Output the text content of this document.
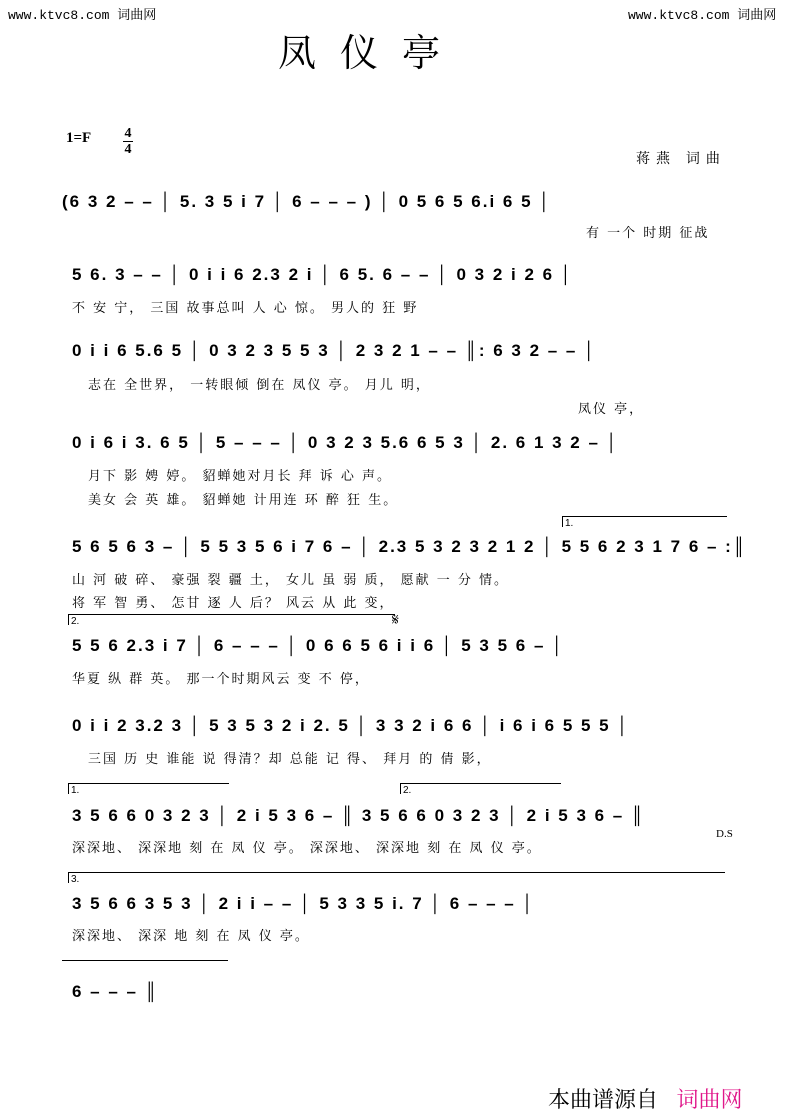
www.ktvc8.com 词曲网	www.ktvc8.com 词曲网
凤仪亭
1=F 4
4
蒋燕 词曲
(6 3 2 – – │ 5. 3 5 i 7 │ 6 – – – ) │ 0 5 6 5 6.i 6 5 │
有 一个 时期 征战
5 6. 3 – – │ 0 i i 6 2.3 2 i │ 6 5. 6 – – │ 0 3 2 i 2 6 │
不 安 宁， 三国 故事总叫 人 心 惊。 男人的 狂 野
0 i i 6 5.6 5 │ 0 3 2 3 5 5 3 │ 2 3 2 1 – – ║: 6 3 2 – – │
志在 全世界， 一转眼倾 倒在 凤仪 亭。 月儿 明，
凤仪 亭，
0 i 6 i 3. 6 5 │ 5 – – – │ 0 3 2 3 5.6 6 5 3 │ 2. 6 1 3 2 – │
月下 影 娉 婷。 貂蝉她对月长 拜 诉 心 声。
美女 会 英 雄。 貂蝉她 计用连 环 醉 狂 生。
1.
5 6 5 6 3 – │ 5 5 3 5 6 i 7 6 – │ 2.3 5 3 2 3 2 1 2 │ 5 5 6 2 3 1 7 6 – :║
山 河 破 碎、 豪强 裂 疆 土， 女儿 虽 弱 质， 愿献 一 分 情。
将 军 智 勇、 怎甘 逐 人 后？ 风云 从 此 变，
2.	𝄋
5 5 6 2.3 i 7 │ 6 – – – │ 0 6 6 5 6 i i 6 │ 5 3 5 6 – │
华夏 纵 群 英。 那一个时期风云 变 不 停，
0 i i 2 3.2 3 │ 5 3 5 3 2 i 2. 5 │ 3 3 2 i 6 6 │ i 6 i 6 5 5 5 │
三国 历 史 谁能 说 得清？却 总能 记 得、 拜月 的 倩 影，
1.	2.
3 5 6 6 0 3 2 3 │ 2 i 5 3 6 – ║ 3 5 6 6 0 3 2 3 │ 2 i 5 3 6 – ║
深深地、 深深地 刻 在 凤 仪 亭。 深深地、 深深地 刻 在 凤 仪 亭。
D.S
3.
3 5 6 6 3 5 3 │ 2 i i – – │ 5 3 3 5 i. 7 │ 6 – – – │
深深地、 深深 地 刻 在 凤 仪 亭。
6 – – – ║
本曲谱源自 词曲网
